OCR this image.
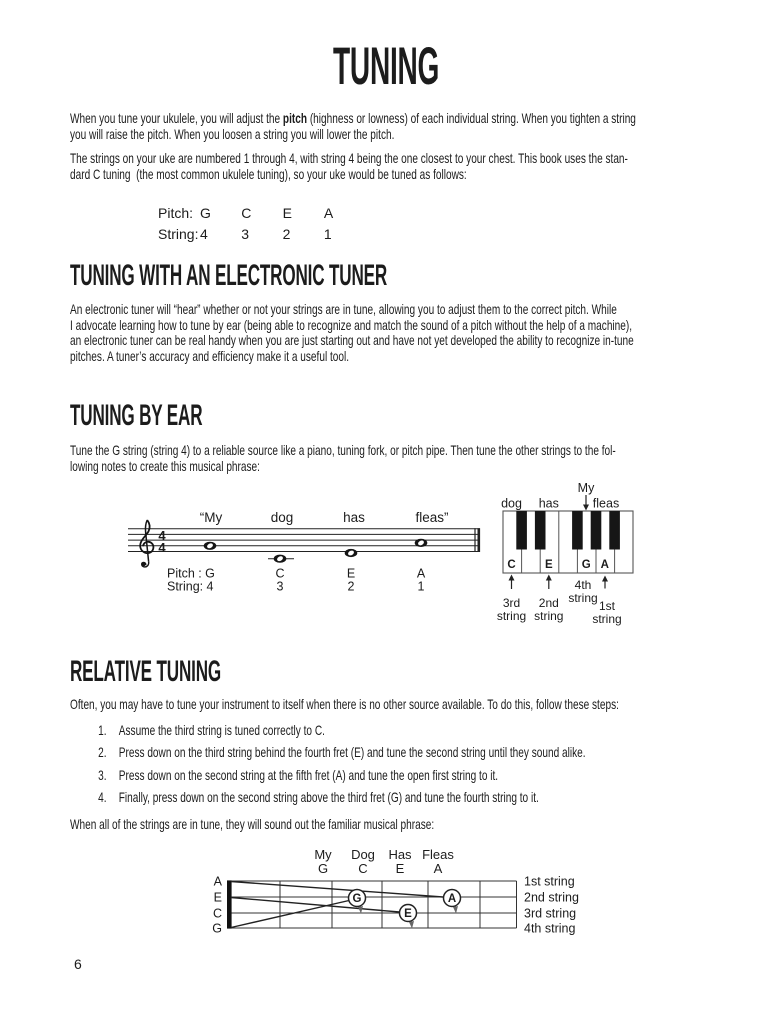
TUNING
When you tune your ukulele, you will adjust the pitch (highness or lowness) of each individual string. When you tighten a string
you will raise the pitch. When you loosen a string you will lower the pitch.
The strings on your uke are numbered 1 through 4, with string 4 being the one closest to your chest. This book uses the stan-
dard C tuning  (the most common ukulele tuning), so your uke would be tuned as follows:
Pitch: G C E A
String: 4 3 2 1
TUNING WITH AN ELECTRONIC TUNER
An electronic tuner will “hear” whether or not your strings are in tune, allowing you to adjust them to the correct pitch. While
I advocate learning how to tune by ear (being able to recognize and match the sound of a pitch without the help of a machine),
an electronic tuner can be real handy when you are just starting out and have not yet developed the ability to recognize in-tune
pitches. A tuner’s accuracy and efficiency make it a useful tool.
TUNING BY EAR
Tune the G string (string 4) to a reliable source like a piano, tuning fork, or pitch pipe. Then tune the other strings to the fol-
lowing notes to create this musical phrase:
“My	dog	has	fleas”
4
4
Pitch :
String:
G	C	E	A
4	3	2	1
My
dog has	fleas
C	E	G A
3rd
string
2nd
string
4th
string
1st
string
RELATIVE TUNING
Often, you may have to tune your instrument to itself when there is no other source available. To do this, follow these steps:
1. Assume the third string is tuned correctly to C.
2. Press down on the third string behind the fourth fret (E) and tune the second string until they sound alike.
3. Press down on the second string at the fifth fret (A) and tune the open first string to it.
4. Finally, press down on the second string above the third fret (G) and tune the fourth string to it.
When all of the strings are in tune, they will sound out the familiar musical phrase:
My Dog Has Fleas
G C E A
G
E
A
A
E
C
G
1st string
2nd string
3rd string
4th string
6
